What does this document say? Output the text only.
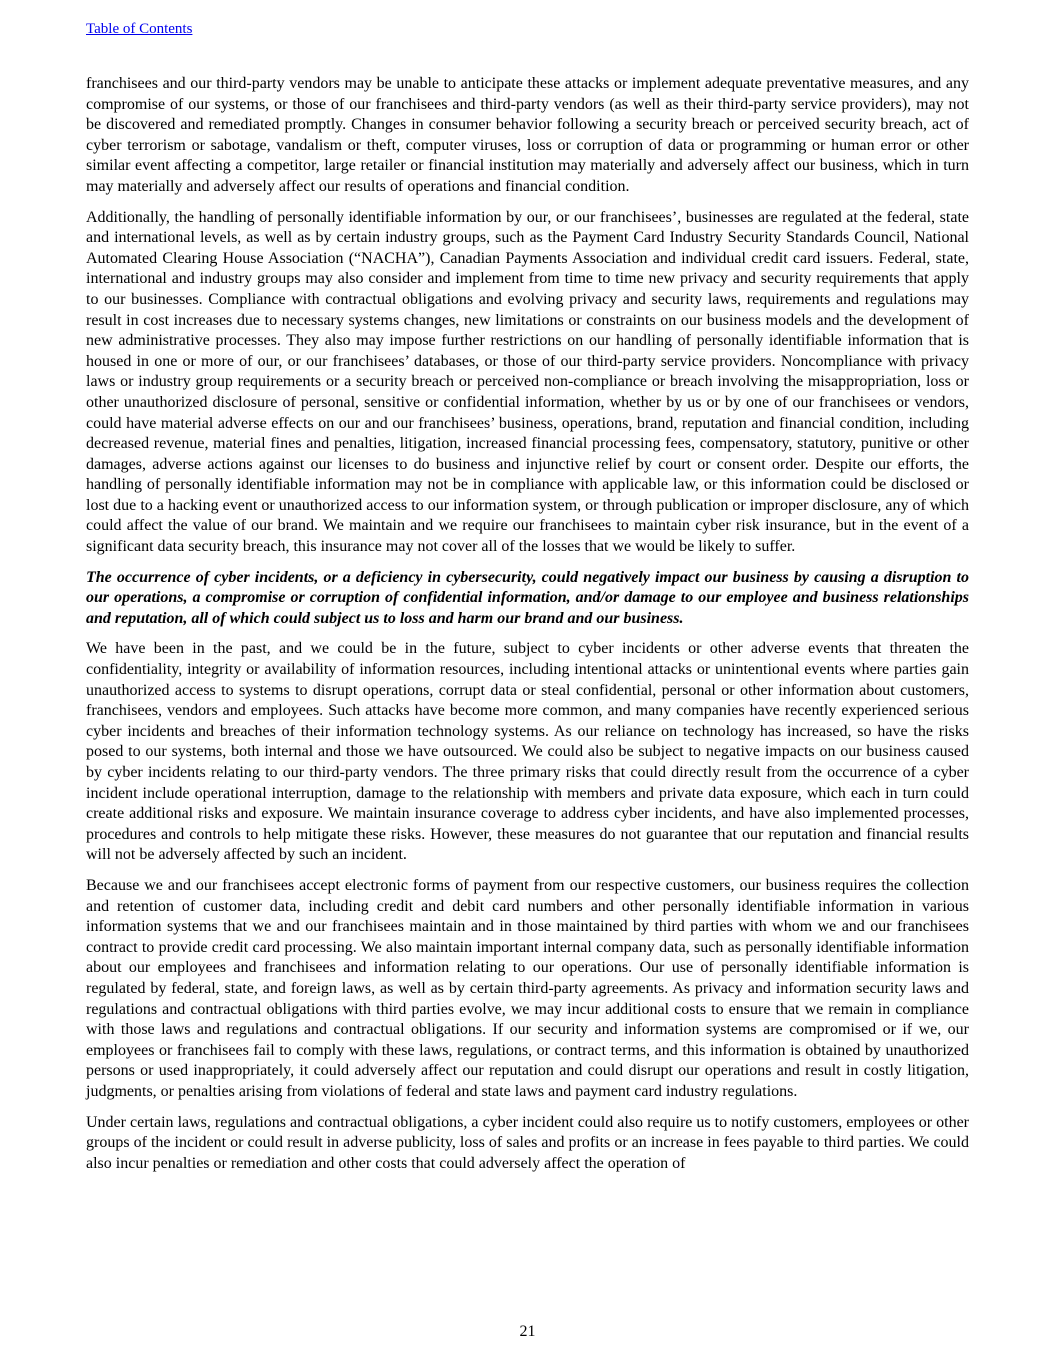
Table of Contents

franchisees and our third-party vendors may be unable to anticipate these attacks or implement adequate preventative measures, and any compromise of our systems, or those of our franchisees and third-party vendors (as well as their third-party service providers), may not be discovered and remediated promptly. Changes in consumer behavior following a security breach or perceived security breach, act of cyber terrorism or sabotage, vandalism or theft, computer viruses, loss or corruption of data or programming or human error or other similar event affecting a competitor, large retailer or financial institution may materially and adversely affect our business, which in turn may materially and adversely affect our results of operations and financial condition.

Additionally, the handling of personally identifiable information by our, or our franchisees’, businesses are regulated at the federal, state and international levels, as well as by certain industry groups, such as the Payment Card Industry Security Standards Council, National Automated Clearing House Association (“NACHA”), Canadian Payments Association and individual credit card issuers. Federal, state, international and industry groups may also consider and implement from time to time new privacy and security requirements that apply to our businesses. Compliance with contractual obligations and evolving privacy and security laws, requirements and regulations may result in cost increases due to necessary systems changes, new limitations or constraints on our business models and the development of new administrative processes. They also may impose further restrictions on our handling of personally identifiable information that is housed in one or more of our, or our franchisees’ databases, or those of our third-party service providers. Noncompliance with privacy laws or industry group requirements or a security breach or perceived non-compliance or breach involving the misappropriation, loss or other unauthorized disclosure of personal, sensitive or confidential information, whether by us or by one of our franchisees or vendors, could have material adverse effects on our and our franchisees’ business, operations, brand, reputation and financial condition, including decreased revenue, material fines and penalties, litigation, increased financial processing fees, compensatory, statutory, punitive or other damages, adverse actions against our licenses to do business and injunctive relief by court or consent order. Despite our efforts, the handling of personally identifiable information may not be in compliance with applicable law, or this information could be disclosed or lost due to a hacking event or unauthorized access to our information system, or through publication or improper disclosure, any of which could affect the value of our brand. We maintain and we require our franchisees to maintain cyber risk insurance, but in the event of a significant data security breach, this insurance may not cover all of the losses that we would be likely to suffer.

The occurrence of cyber incidents, or a deficiency in cybersecurity, could negatively impact our business by causing a disruption to our operations, a compromise or corruption of confidential information, and/or damage to our employee and business relationships and reputation, all of which could subject us to loss and harm our brand and our business.

We have been in the past, and we could be in the future, subject to cyber incidents or other adverse events that threaten the confidentiality, integrity or availability of information resources, including intentional attacks or unintentional events where parties gain unauthorized access to systems to disrupt operations, corrupt data or steal confidential, personal or other information about customers, franchisees, vendors and employees. Such attacks have become more common, and many companies have recently experienced serious cyber incidents and breaches of their information technology systems. As our reliance on technology has increased, so have the risks posed to our systems, both internal and those we have outsourced. We could also be subject to negative impacts on our business caused by cyber incidents relating to our third-party vendors. The three primary risks that could directly result from the occurrence of a cyber incident include operational interruption, damage to the relationship with members and private data exposure, which each in turn could create additional risks and exposure. We maintain insurance coverage to address cyber incidents, and have also implemented processes, procedures and controls to help mitigate these risks. However, these measures do not guarantee that our reputation and financial results will not be adversely affected by such an incident.

Because we and our franchisees accept electronic forms of payment from our respective customers, our business requires the collection and retention of customer data, including credit and debit card numbers and other personally identifiable information in various information systems that we and our franchisees maintain and in those maintained by third parties with whom we and our franchisees contract to provide credit card processing. We also maintain important internal company data, such as personally identifiable information about our employees and franchisees and information relating to our operations. Our use of personally identifiable information is regulated by federal, state, and foreign laws, as well as by certain third-party agreements. As privacy and information security laws and regulations and contractual obligations with third parties evolve, we may incur additional costs to ensure that we remain in compliance with those laws and regulations and contractual obligations. If our security and information systems are compromised or if we, our employees or franchisees fail to comply with these laws, regulations, or contract terms, and this information is obtained by unauthorized persons or used inappropriately, it could adversely affect our reputation and could disrupt our operations and result in costly litigation, judgments, or penalties arising from violations of federal and state laws and payment card industry regulations.

Under certain laws, regulations and contractual obligations, a cyber incident could also require us to notify customers, employees or other groups of the incident or could result in adverse publicity, loss of sales and profits or an increase in fees payable to third parties. We could also incur penalties or remediation and other costs that could adversely affect the operation of

21
